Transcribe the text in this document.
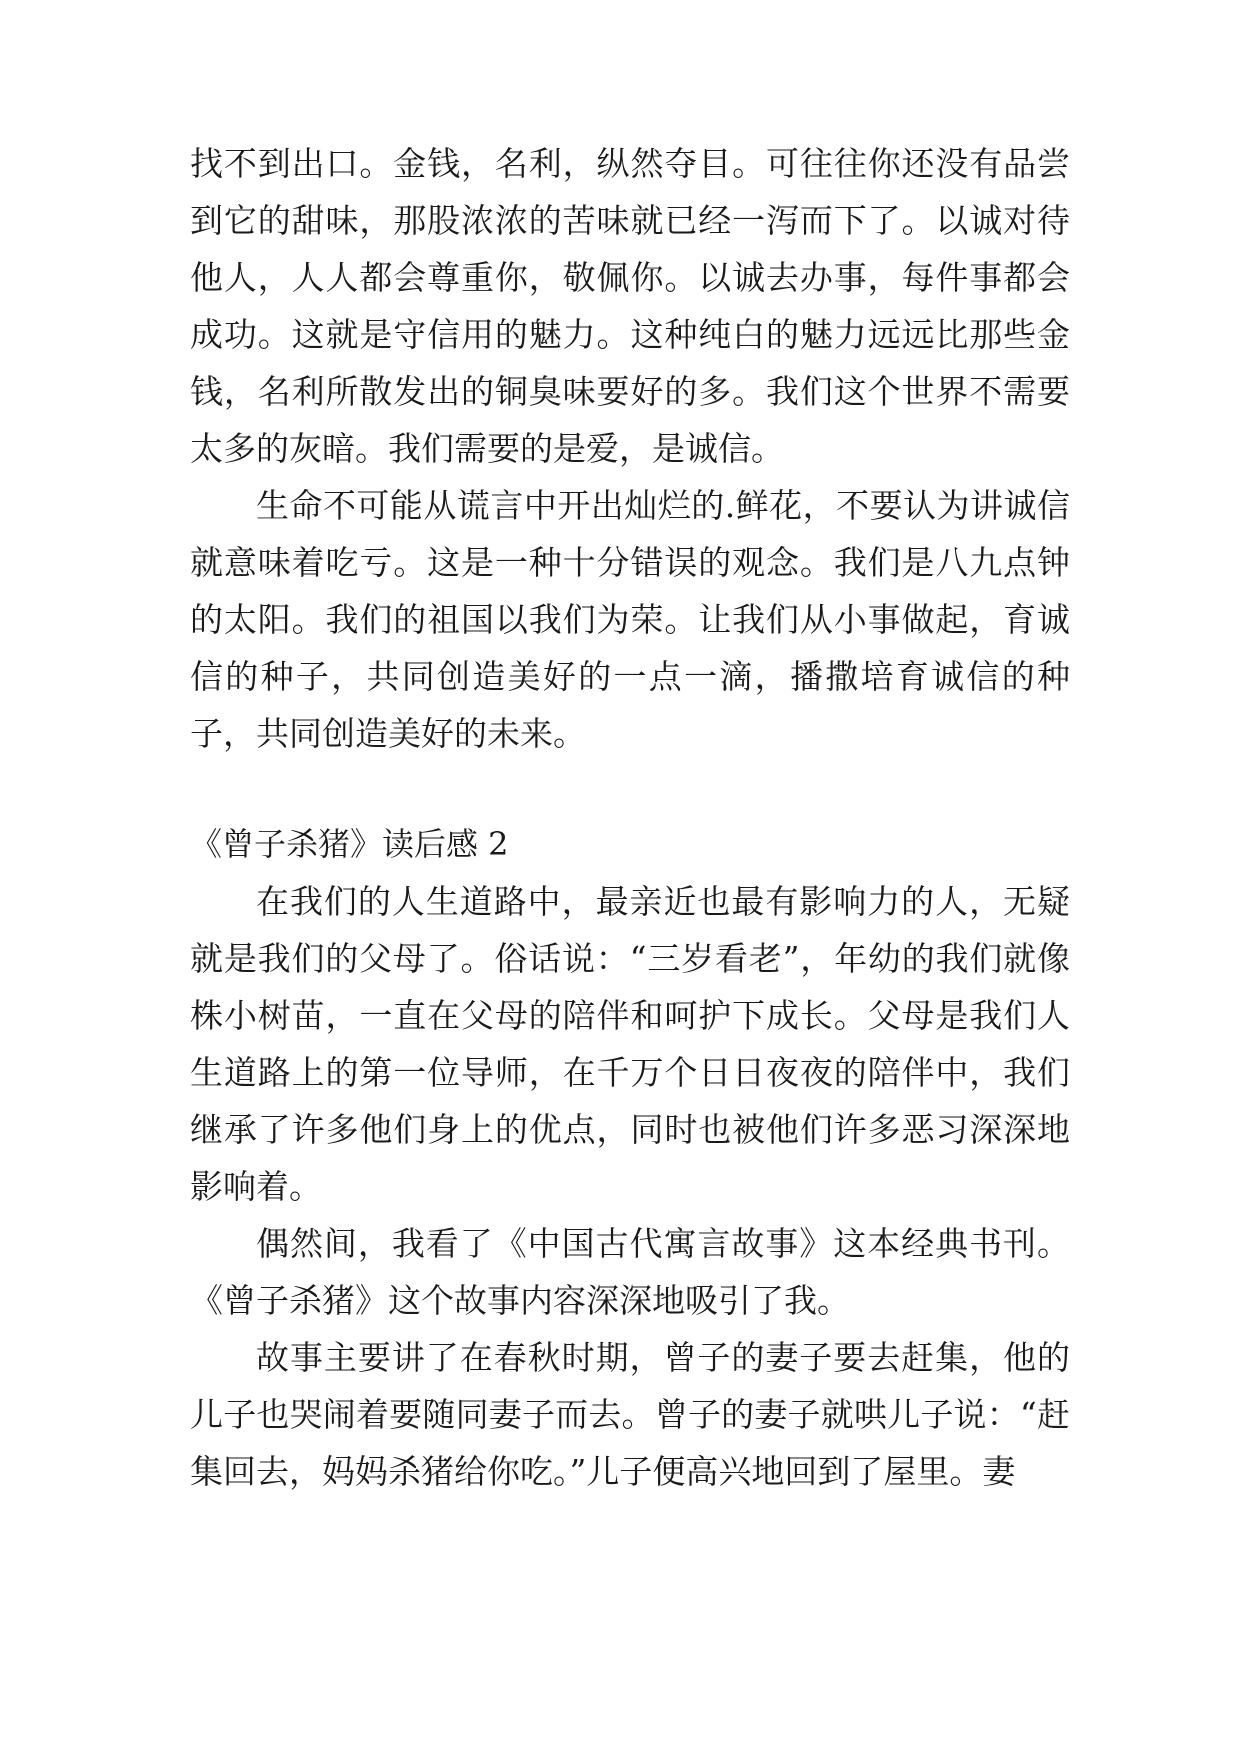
找不到出口。金钱，名利，纵然夺目。可往往你还没有品尝到它的甜味，那股浓浓的苦味就已经一泻而下了。以诚对待他人，人人都会尊重你，敬佩你。以诚去办事，每件事都会成功。这就是守信用的魅力。这种纯白的魅力远远比那些金钱，名利所散发出的铜臭味要好的多。我们这个世界不需要太多的灰暗。我们需要的是爱，是诚信。

生命不可能从谎言中开出灿烂的.鲜花，不要认为讲诚信就意味着吃亏。这是一种十分错误的观念。我们是八九点钟的太阳。我们的祖国以我们为荣。让我们从小事做起，育诚信的种子，共同创造美好的一点一滴，播撒培育诚信的种子，共同创造美好的未来。

《曾子杀猪》读后感 2

在我们的人生道路中，最亲近也最有影响力的人，无疑就是我们的父母了。俗话说：“三岁看老”，年幼的我们就像株小树苗，一直在父母的陪伴和呵护下成长。父母是我们人生道路上的第一位导师，在千万个日日夜夜的陪伴中，我们继承了许多他们身上的优点，同时也被他们许多恶习深深地影响着。

偶然间，我看了《中国古代寓言故事》这本经典书刊。《曾子杀猪》这个故事内容深深地吸引了我。

故事主要讲了在春秋时期，曾子的妻子要去赶集，他的儿子也哭闹着要随同妻子而去。曾子的妻子就哄儿子说：“赶集回去，妈妈杀猪给你吃。”儿子便高兴地回到了屋里。妻
